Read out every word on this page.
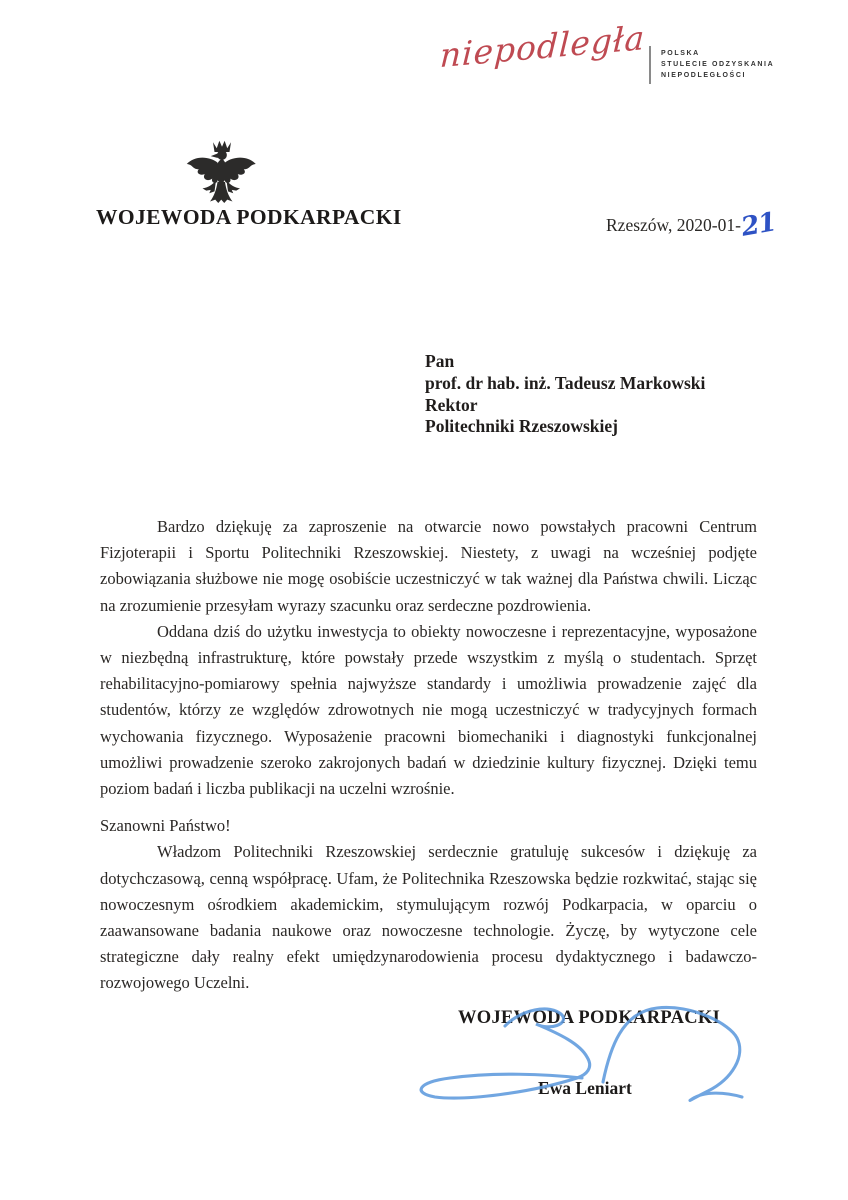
niepodległa POLSKA
STULECIE ODZYSKANIA
NIEPODLEGŁOŚCI
WOJEWODA PODKARPACKI	Rzeszów, 2020-01-21
Pan
prof. dr hab. inż. Tadeusz Markowski
Rektor
Politechniki Rzeszowskiej

Bardzo dziękuję za zaproszenie na otwarcie nowo powstałych pracowni Centrum Fizjoterapii i Sportu Politechniki Rzeszowskiej. Niestety, z uwagi na wcześniej podjęte zobowiązania służbowe nie mogę osobiście uczestniczyć w tak ważnej dla Państwa chwili. Licząc na zrozumienie przesyłam wyrazy szacunku oraz serdeczne pozdrowienia.

Oddana dziś do użytku inwestycja to obiekty nowoczesne i reprezentacyjne, wyposażone w niezbędną infrastrukturę, które powstały przede wszystkim z myślą o studentach. Sprzęt rehabilitacyjno-pomiarowy spełnia najwyższe standardy i umożliwia prowadzenie zajęć dla studentów, którzy ze względów zdrowotnych nie mogą uczestniczyć w tradycyjnych formach wychowania fizycznego. Wyposażenie pracowni biomechaniki i diagnostyki funkcjonalnej umożliwi prowadzenie szeroko zakrojonych badań w dziedzinie kultury fizycznej. Dzięki temu poziom badań i liczba publikacji na uczelni wzrośnie.

Szanowni Państwo!

Władzom Politechniki Rzeszowskiej serdecznie gratuluję sukcesów i dziękuję za dotychczasową, cenną współpracę. Ufam, że Politechnika Rzeszowska będzie rozkwitać, stając się nowoczesnym ośrodkiem akademickim, stymulującym rozwój Podkarpacia, w oparciu o zaawansowane badania naukowe oraz nowoczesne technologie. Życzę, by wytyczone cele strategiczne dały realny efekt umiędzynarodowienia procesu dydaktycznego i badawczo-rozwojowego Uczelni.

WOJEWODA PODKARPACKI
Ewa Leniart
